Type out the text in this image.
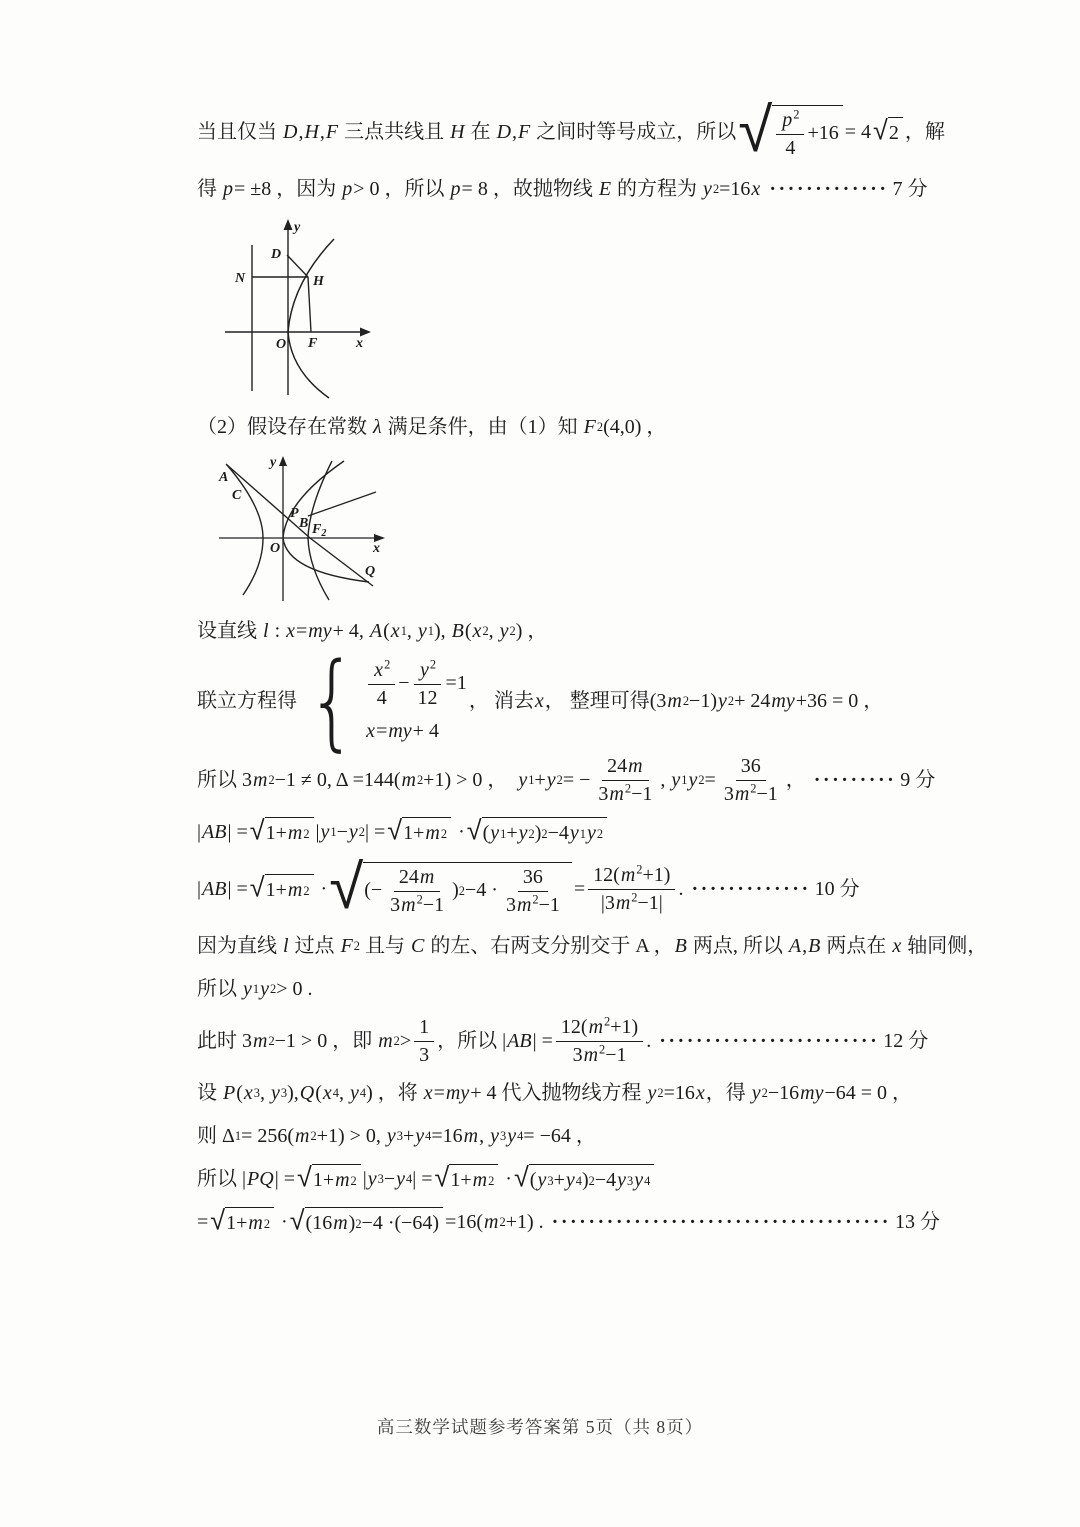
当且仅当 D , H , F 三点共线且 H 在 D , F 之间时等号成立，所以 √ $\frac{p^2}{4} +16 = 4$ √ 2 ，解
得 p = ±8 ，因为 p > 0 ，所以 p = 8 ，故抛物线 E 的方程为 y 2 =16 x ············· 7 分
y
D
N	H
O F	x
（2）假设存在常数 λ 满足条件，由（1）知 F 2 (4,0) ，
y
A
C
P
B $F_2$
O	x
Q
设直线 l : x = my + 4, A ( x 1 , y 1 ), B ( x 2 , y 2 ) ，
联立方程得 { $\frac{x^2}{4} - \frac{y^2}{12} =1$
x = my + 4
， 消去 x ， 整理可得(3 m 2 −1) y 2 + 24 my +36 = 0 ，
所以 3 m 2 −1 ≠ 0, Δ =144( m 2 +1) > 0 ， y 1 + y 2 = − $\frac{24m}{3m^2-1}$ , y 1 y $2 = \frac{36}{3m^2-1}$ ， ········· 9 分
| AB | = √ 1+ m 2 | y 1 − y 2 | = √ 1+ m 2 · √ ( y 1 + y 2 ) 2 −4 y 1 y 2
| AB | = √ 1+ m 2 · √ (− $\frac{24m}{3m^2-1}$ ) $2 -4 \cdot \frac{36}{3m^2-1} = \frac{12(m^2+1)}{|3m^2-1|}$ . ············· 10 分
因为直线 l 过点 F 2 且与 C 的左、右两支分别交于 A ， B 两点, 所以 A , B 两点在 x 轴同侧，
所以 y 1 y 2 > 0 .
此时 3 m 2 −1 > 0 ，即 m $2 > \frac{1}{3}$ ，所以 | AB | = $\frac{12(m^2+1)}{3m^2-1}$ . ························ 12 分
设 P ( x 3 , y 3 ), Q ( x 4 , y 4 ) ，将 x = my + 4 代入抛物线方程 y 2 =16 x ，得 y 2 −16 my −64 = 0 ，
则 Δ 1 = 256( m 2 +1) > 0, y 3 + y 4 =16 m , y 3 y 4 = −64 ，
所以 | PQ | = √ 1+ m 2 | y 3 − y 4 | = √ 1+ m 2 · √ ( y 3 + y 4 ) 2 −4 y 3 y 4
= √ 1+ m 2 · √ (16 m ) 2 −4 ·(−64) =16( m 2 +1) . ····································· 13 分
高三数学试题参考答案第 5页（共 8页）
